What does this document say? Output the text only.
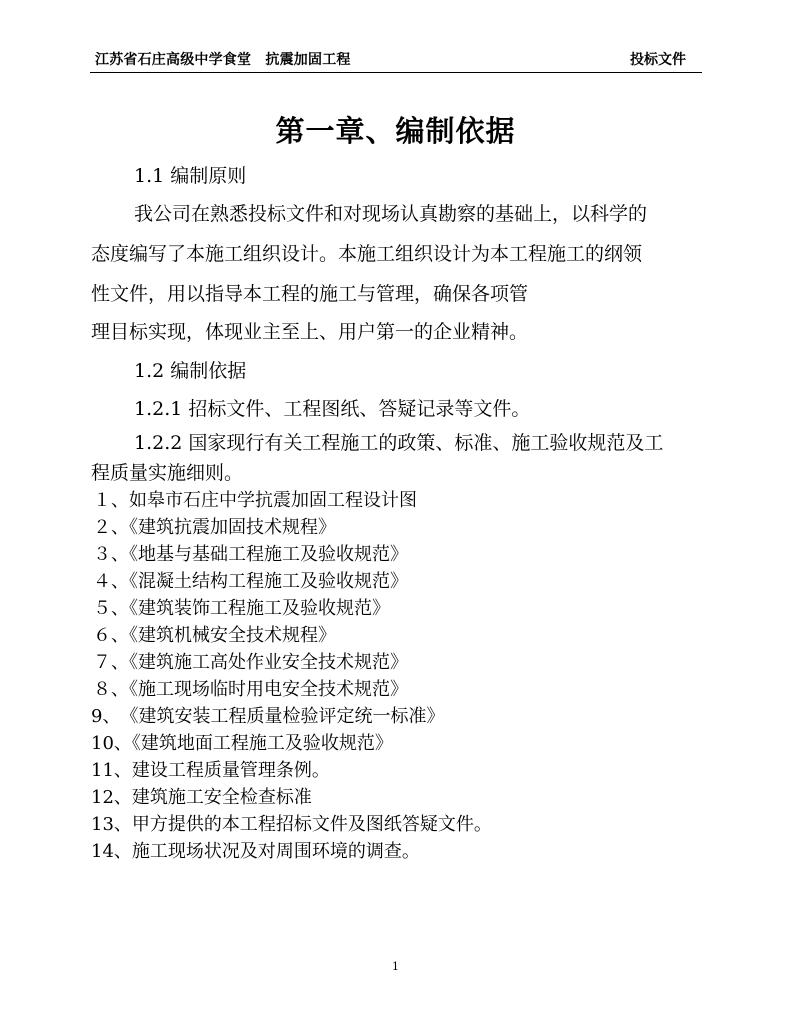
江苏省石庄高级中学食堂　抗震加固工程	投标文件
第一章、编制依据
1.1 编制原则
我公司在熟悉投标文件和对现场认真勘察的基础上，以科学的
态度编写了本施工组织设计。本施工组织设计为本工程施工的纲领
性文件，用以指导本工程的施工与管理，确保各项管
理目标实现，体现业主至上、用户第一的企业精神。
1.2 编制依据
1.2.1 招标文件、工程图纸、答疑记录等文件。
1.2.2 国家现行有关工程施工的政策、标准、施工验收规范及工
程质量实施细则。
１、如皋市石庄中学抗震加固工程设计图
２、《建筑抗震加固技术规程》
３、《地基与基础工程施工及验收规范》
４、《混凝土结构工程施工及验收规范》
５、《建筑装饰工程施工及验收规范》
６、《建筑机械安全技术规程》
７、《建筑施工高处作业安全技术规范》
８、《施工现场临时用电安全技术规范》
9、　《建筑安装工程质量检验评定统一标准》
10、《建筑地面工程施工及验收规范》
11、建设工程质量管理条例。
12、建筑施工安全检查标准
13、甲方提供的本工程招标文件及图纸答疑文件。
14、施工现场状况及对周围环境的调查。
1
